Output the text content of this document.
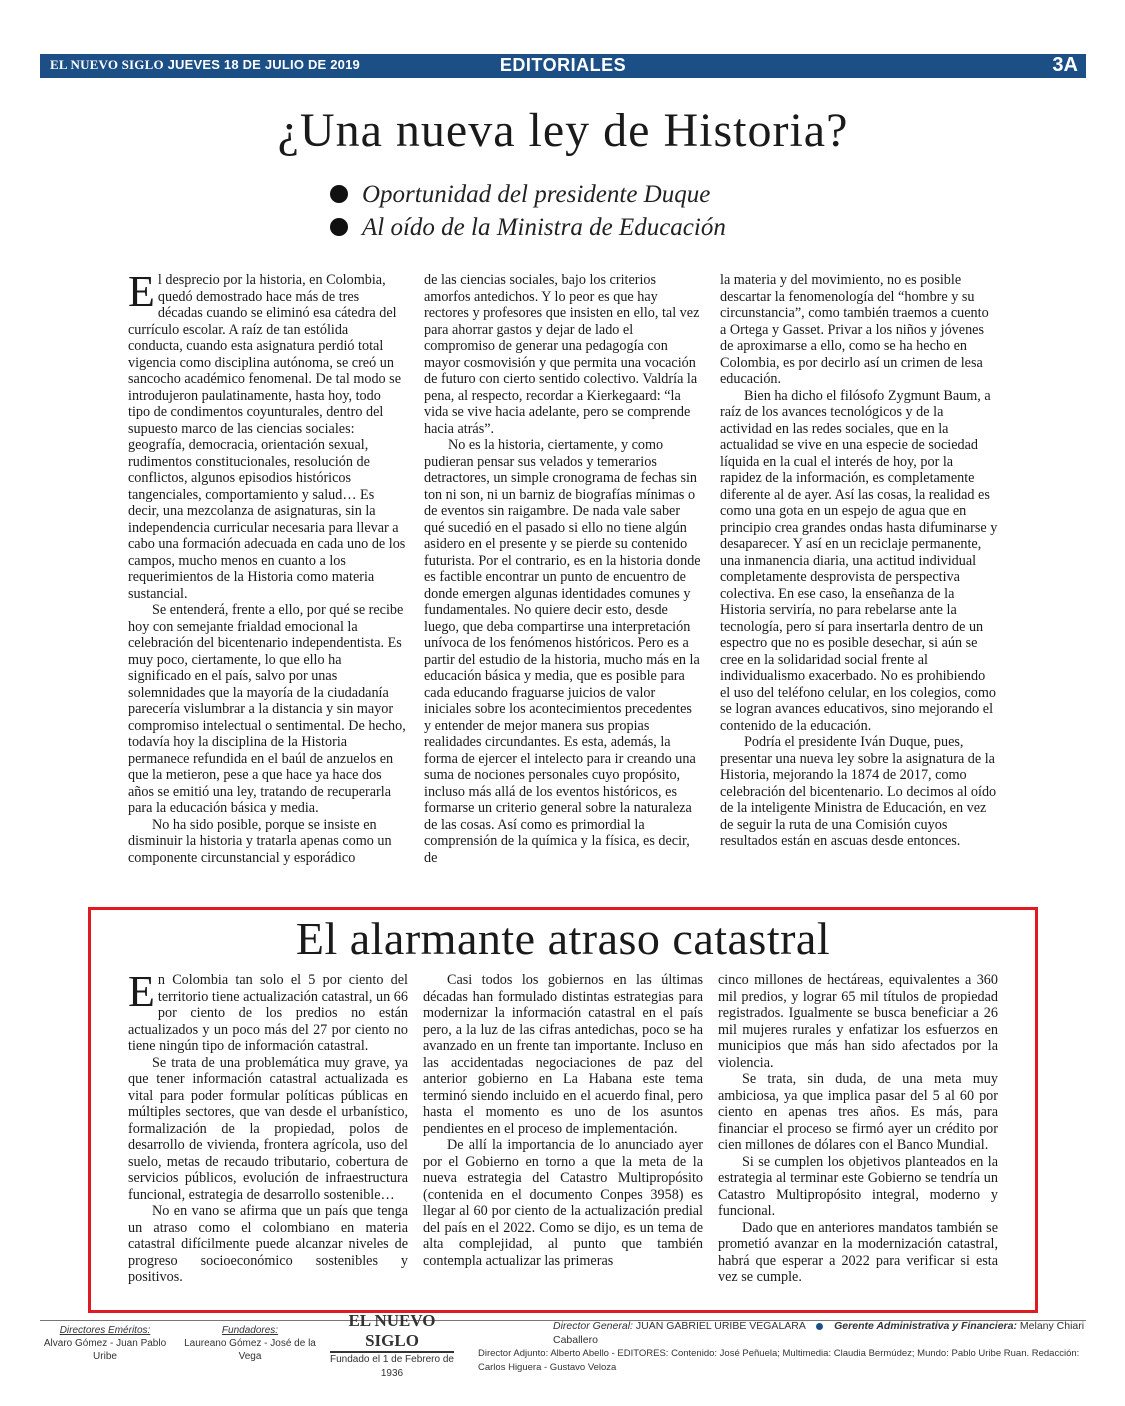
EL NUEVO SIGLO JUEVES 18 DE JULIO DE 2019	EDITORIALES	3A
¿Una nueva ley de Historia?
Oportunidad del presidente Duque
Al oído de la Ministra de Educación

El desprecio por la historia, en Colombia, quedó demostrado hace más de tres décadas cuando se eliminó esa cátedra del currículo escolar. A raíz de tan estólida conducta, cuando esta asignatura perdió total vigencia como disciplina autónoma, se creó un sancocho académico fenomenal. De tal modo se introdujeron paulatinamente, hasta hoy, todo tipo de condimentos coyunturales, dentro del supuesto marco de las ciencias sociales: geografía, democracia, orientación sexual, rudimentos constitucionales, resolución de conflictos, algunos episodios históricos tangenciales, comportamiento y salud… Es decir, una mezcolanza de asignaturas, sin la independencia curricular necesaria para llevar a cabo una formación adecuada en cada uno de los campos, mucho menos en cuanto a los requerimientos de la Historia como materia sustancial.

Se entenderá, frente a ello, por qué se recibe hoy con semejante frialdad emocional la celebración del bicentenario independentista. Es muy poco, ciertamente, lo que ello ha significado en el país, salvo por unas solemnidades que la mayoría de la ciudadanía parecería vislumbrar a la distancia y sin mayor compromiso intelectual o sentimental. De hecho, todavía hoy la disciplina de la Historia permanece refundida en el baúl de anzuelos en que la metieron, pese a que hace ya hace dos años se emitió una ley, tratando de recuperarla para la educación básica y media.

No ha sido posible, porque se insiste en disminuir la historia y tratarla apenas como un componente circunstancial y esporádico

de las ciencias sociales, bajo los criterios amorfos antedichos. Y lo peor es que hay rectores y profesores que insisten en ello, tal vez para ahorrar gastos y dejar de lado el compromiso de generar una pedagogía con mayor cosmovisión y que permita una vocación de futuro con cierto sentido colectivo. Valdría la pena, al respecto, recordar a Kierkegaard: “la vida se vive hacia adelante, pero se comprende hacia atrás”.

No es la historia, ciertamente, y como pudieran pensar sus velados y temerarios detractores, un simple cronograma de fechas sin ton ni son, ni un barniz de biografías mínimas o de eventos sin raigambre. De nada vale saber qué sucedió en el pasado si ello no tiene algún asidero en el presente y se pierde su contenido futurista. Por el contrario, es en la historia donde es factible encontrar un punto de encuentro de donde emergen algunas identidades comunes y fundamentales. No quiere decir esto, desde luego, que deba compartirse una interpretación unívoca de los fenómenos históricos. Pero es a partir del estudio de la historia, mucho más en la educación básica y media, que es posible para cada educando fraguarse juicios de valor iniciales sobre los acontecimientos precedentes y entender de mejor manera sus propias realidades circundantes. Es esta, además, la forma de ejercer el intelecto para ir creando una suma de nociones personales cuyo propósito, incluso más allá de los eventos históricos, es formarse un criterio general sobre la naturaleza de las cosas. Así como es primordial la comprensión de la química y la física, es decir, de

la materia y del movimiento, no es posible descartar la fenomenología del “hombre y su circunstancia”, como también traemos a cuento a Ortega y Gasset. Privar a los niños y jóvenes de aproximarse a ello, como se ha hecho en Colombia, es por decirlo así un crimen de lesa educación.

Bien ha dicho el filósofo Zygmunt Baum, a raíz de los avances tecnológicos y de la actividad en las redes sociales, que en la actualidad se vive en una especie de sociedad líquida en la cual el interés de hoy, por la rapidez de la información, es completamente diferente al de ayer. Así las cosas, la realidad es como una gota en un espejo de agua que en principio crea grandes ondas hasta difuminarse y desaparecer. Y así en un reciclaje permanente, una inmanencia diaria, una actitud individual completamente desprovista de perspectiva colectiva. En ese caso, la enseñanza de la Historia serviría, no para rebelarse ante la tecnología, pero sí para insertarla dentro de un espectro que no es posible desechar, si aún se cree en la solidaridad social frente al individualismo exacerbado. No es prohibiendo el uso del teléfono celular, en los colegios, como se logran avances educativos, sino mejorando el contenido de la educación.

Podría el presidente Iván Duque, pues, presentar una nueva ley sobre la asignatura de la Historia, mejorando la 1874 de 2017, como celebración del bicentenario. Lo decimos al oído de la inteligente Ministra de Educación, en vez de seguir la ruta de una Comisión cuyos resultados están en ascuas desde entonces.

El alarmante atraso catastral

En Colombia tan solo el 5 por ciento del territorio tiene actualización catastral, un 66 por ciento de los predios no están actualizados y un poco más del 27 por ciento no tiene ningún tipo de información catastral.

Se trata de una problemática muy grave, ya que tener información catastral actualizada es vital para poder formular políticas públicas en múltiples sectores, que van desde el urbanístico, formalización de la propiedad, polos de desarrollo de vivienda, frontera agrícola, uso del suelo, metas de recaudo tributario, cobertura de servicios públicos, evolución de infraestructura funcional, estrategia de desarrollo sostenible…

No en vano se afirma que un país que tenga un atraso como el colombiano en materia catastral difícilmente puede alcanzar niveles de progreso socioeconómico sostenibles y positivos.

Casi todos los gobiernos en las últimas décadas han formulado distintas estrategias para modernizar la información catastral en el país pero, a la luz de las cifras antedichas, poco se ha avanzado en un frente tan importante. Incluso en las accidentadas negociaciones de paz del anterior gobierno en La Habana este tema terminó siendo incluido en el acuerdo final, pero hasta el momento es uno de los asuntos pendientes en el proceso de implementación.

De allí la importancia de lo anunciado ayer por el Gobierno en torno a que la meta de la nueva estrategia del Catastro Multipropósito (contenida en el documento Conpes 3958) es llegar al 60 por ciento de la actualización predial del país en el 2022. Como se dijo, es un tema de alta complejidad, al punto que también contempla actualizar las primeras

cinco millones de hectáreas, equivalentes a 360 mil predios, y lograr 65 mil títulos de propiedad registrados. Igualmente se busca beneficiar a 26 mil mujeres rurales y enfatizar los esfuerzos en municipios que más han sido afectados por la violencia.

Se trata, sin duda, de una meta muy ambiciosa, ya que implica pasar del 5 al 60 por ciento en apenas tres años. Es más, para financiar el proceso se firmó ayer un crédito por cien millones de dólares con el Banco Mundial.

Si se cumplen los objetivos planteados en la estrategia al terminar este Gobierno se tendría un Catastro Multipropósito integral, moderno y funcional.

Dado que en anteriores mandatos también se prometió avanzar en la modernización catastral, habrá que esperar a 2022 para verificar si esta vez se cumple.

Directores Eméritos:
Alvaro Gómez - Juan Pablo Uribe
Fundadores:
Laureano Gómez - José de la Vega
EL NUEVO SIGLO
Fundado el 1 de Febrero de 1936
Director General: JUAN GABRIEL URIBE VEGALARA	Gerente Administrativa y Financiera: Melany Chiari Caballero
Director Adjunto: Alberto Abello - EDITORES: Contenido: José Peñuela; Multimedia: Claudia Bermúdez; Mundo: Pablo Uribe Ruan. Redacción: Carlos Higuera - Gustavo Veloza
